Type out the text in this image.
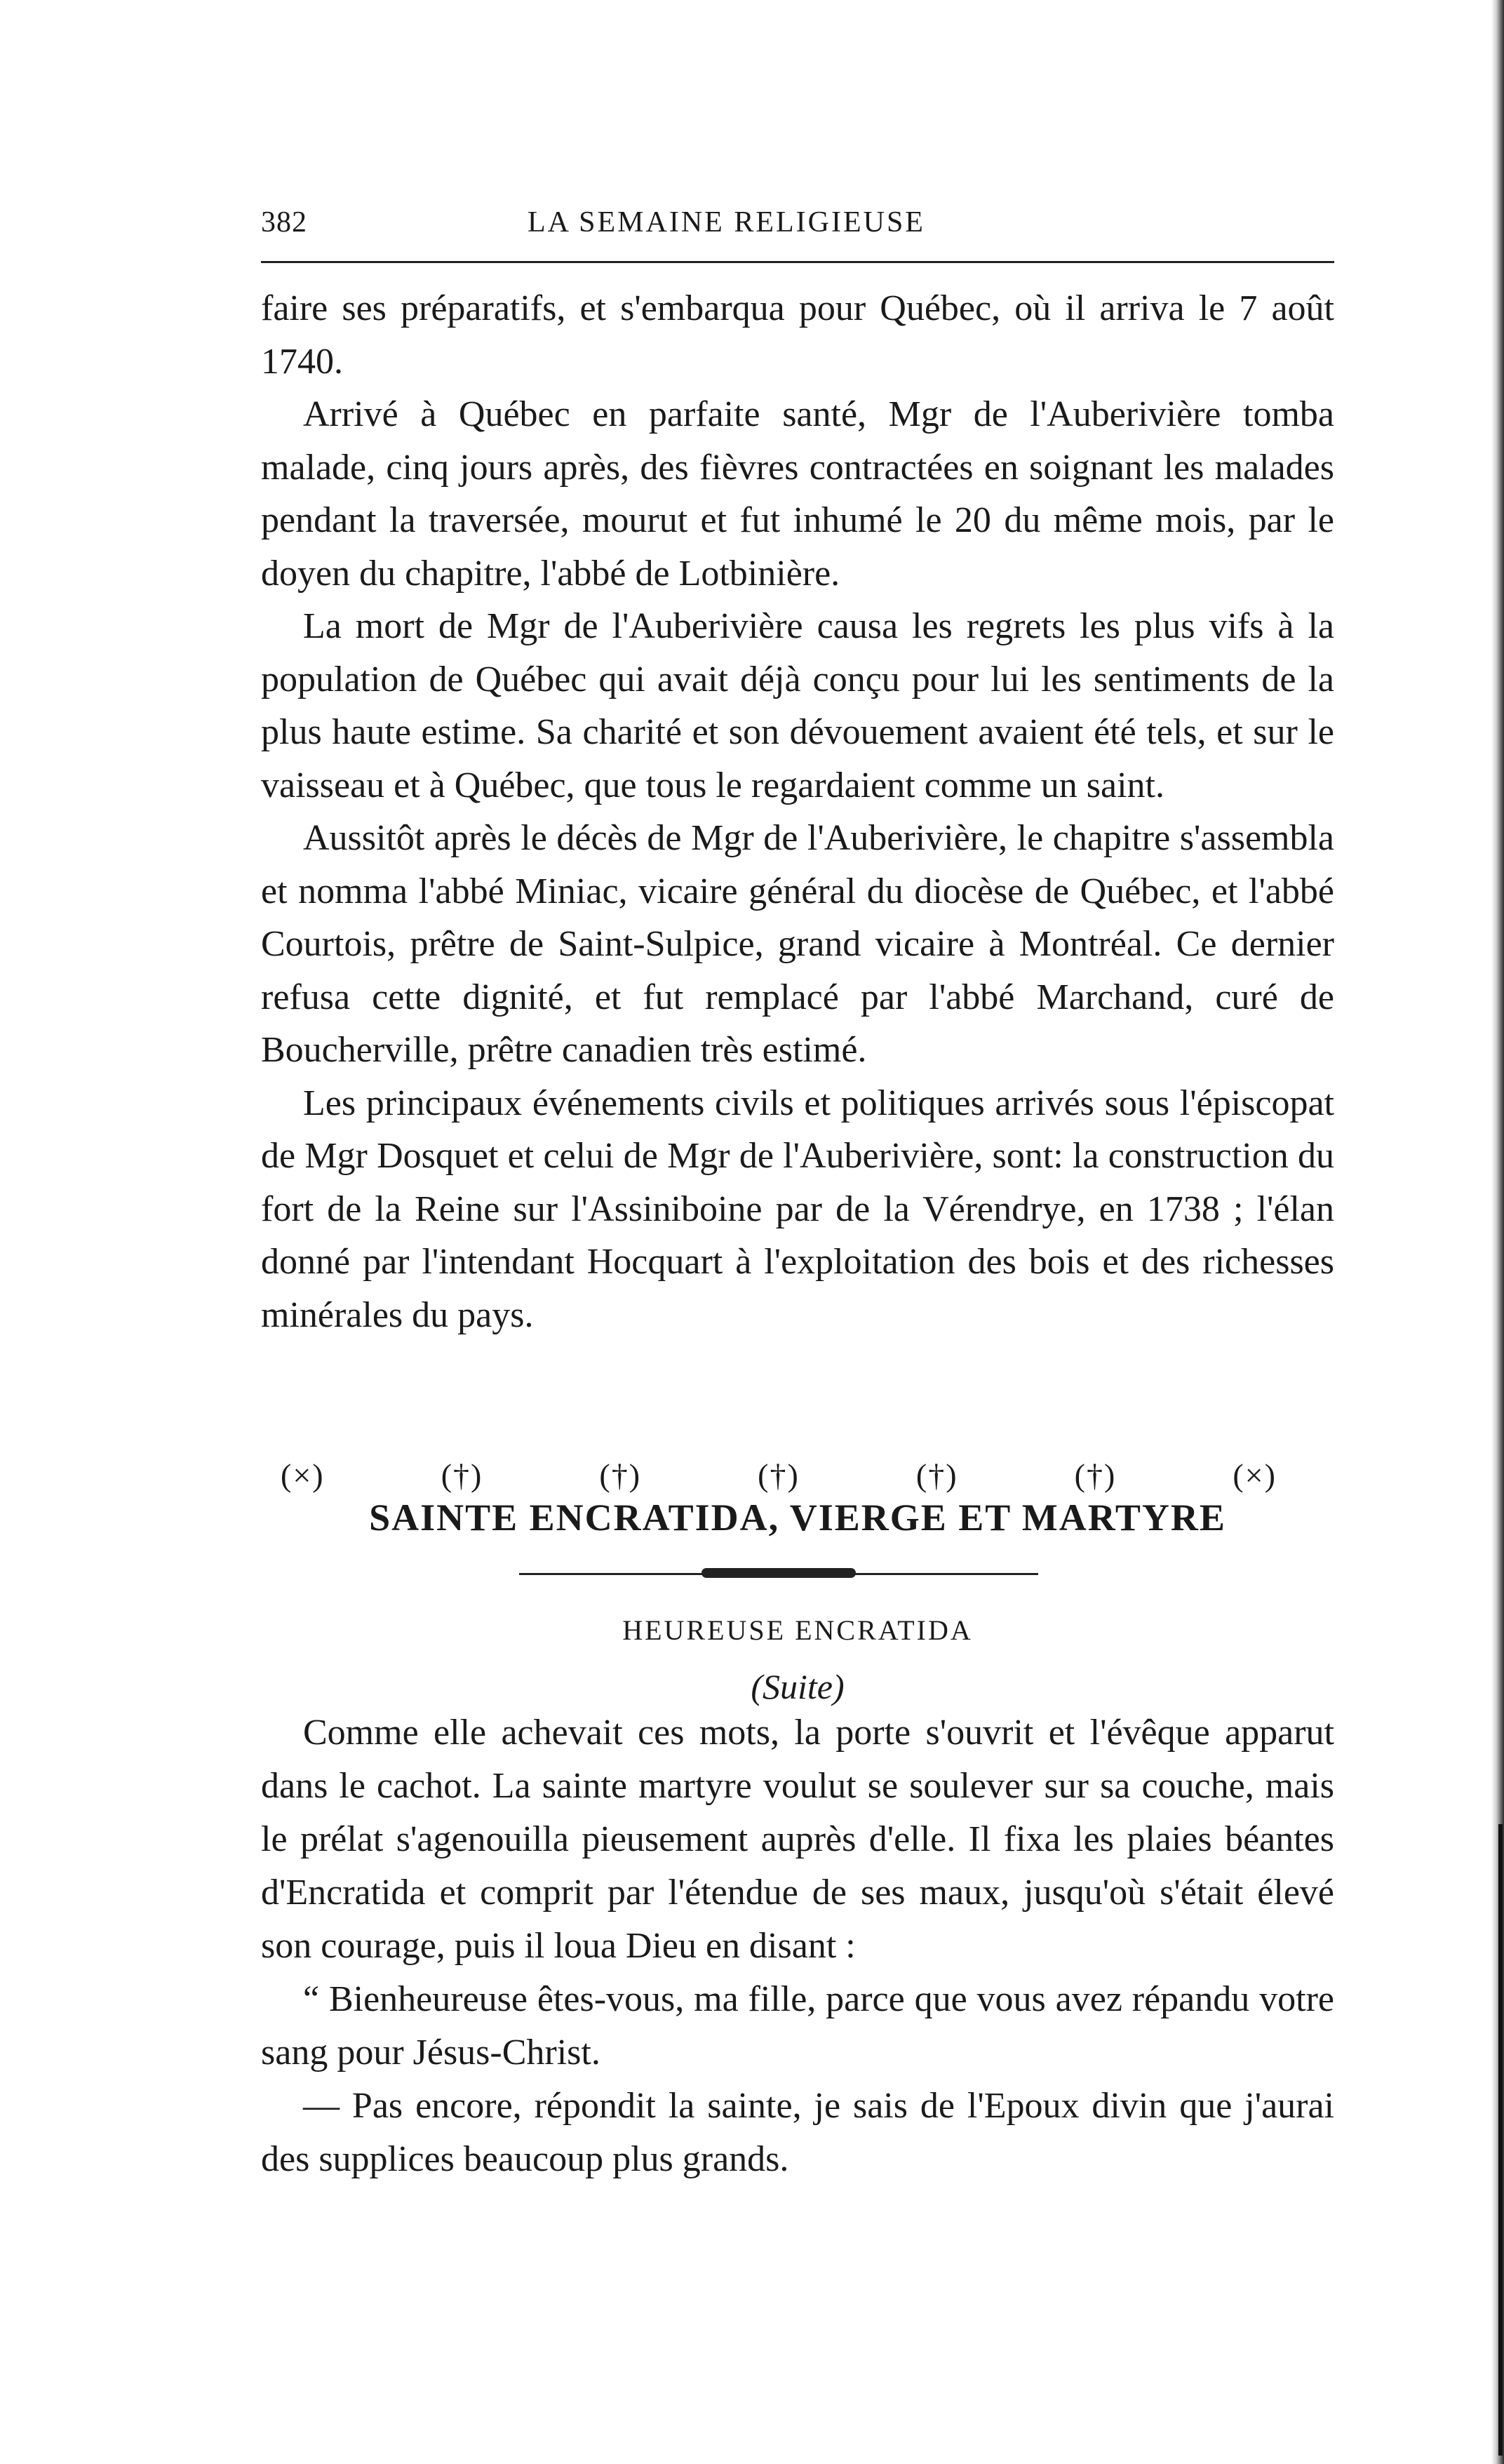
382	LA SEMAINE RELIGIEUSE

faire ses préparatifs, et s'embarqua pour Québec, où il arriva le 7 août 1740.

Arrivé à Québec en parfaite santé, Mgr de l'Auberivière tomba malade, cinq jours après, des fièvres contractées en soignant les malades pendant la traversée, mourut et fut inhumé le 20 du même mois, par le doyen du chapitre, l'abbé de Lotbinière.

La mort de Mgr de l'Auberivière causa les regrets les plus vifs à la population de Québec qui avait déjà conçu pour lui les sentiments de la plus haute estime. Sa charité et son dévouement avaient été tels, et sur le vaisseau et à Québec, que tous le regardaient comme un saint.

Aussitôt après le décès de Mgr de l'Auberivière, le chapitre s'assembla et nomma l'abbé Miniac, vicaire général du diocèse de Québec, et l'abbé Courtois, prêtre de Saint-Sulpice, grand vicaire à Montréal. Ce dernier refusa cette dignité, et fut remplacé par l'abbé Marchand, curé de Boucherville, prêtre canadien très estimé.

Les principaux événements civils et politiques arrivés sous l'épiscopat de Mgr Dosquet et celui de Mgr de l'Auberivière, sont: la construction du fort de la Reine sur l'Assiniboine par de la Vérendrye, en 1738 ; l'élan donné par l'intendant Hocquart à l'exploitation des bois et des richesses minérales du pays.

(×)	(†)	(†)	(†)	(†)	(†)	(×)
SAINTE ENCRATIDA, VIERGE ET MARTYRE
HEUREUSE ENCRATIDA
(Suite)

Comme elle achevait ces mots, la porte s'ouvrit et l'évêque apparut dans le cachot. La sainte martyre voulut se soulever sur sa couche, mais le prélat s'agenouilla pieusement auprès d'elle. Il fixa les plaies béantes d'Encratida et comprit par l'étendue de ses maux, jusqu'où s'était élevé son courage, puis il loua Dieu en disant :

“ Bienheureuse êtes-vous, ma fille, parce que vous avez répandu votre sang pour Jésus-Christ.

— Pas encore, répondit la sainte, je sais de l'Epoux divin que j'aurai des supplices beaucoup plus grands.
